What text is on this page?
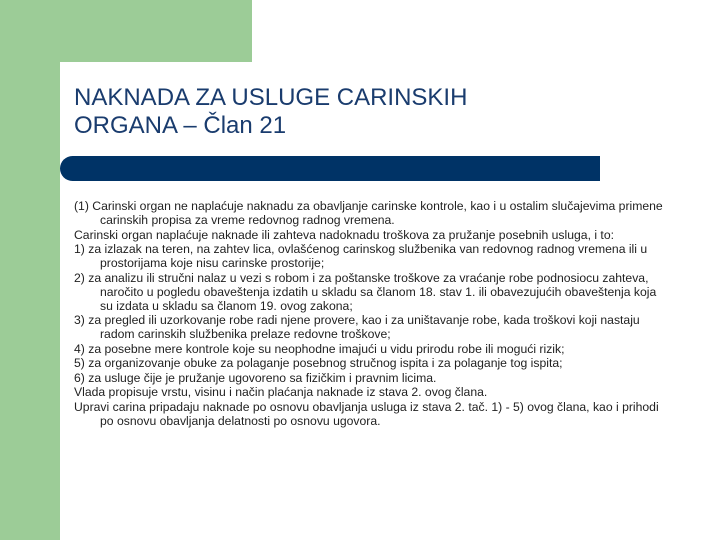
NAKNADA ZA USLUGE CARINSKIH
ORGANA – Član 21

(1) Carinski organ ne naplaćuje naknadu za obavljanje carinske kontrole, kao i u ostalim slučajevima primene carinskih propisa za vreme redovnog radnog vremena.

Carinski organ naplaćuje naknade ili zahteva nadoknadu troškova za pružanje posebnih usluga, i to:

1) za izlazak na teren, na zahtev lica, ovlašćenog carinskog službenika van redovnog radnog vremena ili u prostorijama koje nisu carinske prostorije;

2) za analizu ili stručni nalaz u vezi s robom i za poštanske troškove za vraćanje robe podnosiocu zahteva, naročito u pogledu obaveštenja izdatih u skladu sa članom 18. stav 1. ili obavezujućih obaveštenja koja su izdata u skladu sa članom 19. ovog zakona;

3) za pregled ili uzorkovanje robe radi njene provere, kao i za uništavanje robe, kada troškovi koji nastaju radom carinskih službenika prelaze redovne troškove;

4) za posebne mere kontrole koje su neophodne imajući u vidu prirodu robe ili mogući rizik;

5) za organizovanje obuke za polaganje posebnog stručnog ispita i za polaganje tog ispita;

6) za usluge čije je pružanje ugovoreno sa fizičkim i pravnim licima.

Vlada propisuje vrstu, visinu i način plaćanja naknade iz stava 2. ovog člana.

Upravi carina pripadaju naknade po osnovu obavljanja usluga iz stava 2. tač. 1) - 5) ovog člana, kao i prihodi po osnovu obavljanja delatnosti po osnovu ugovora.
